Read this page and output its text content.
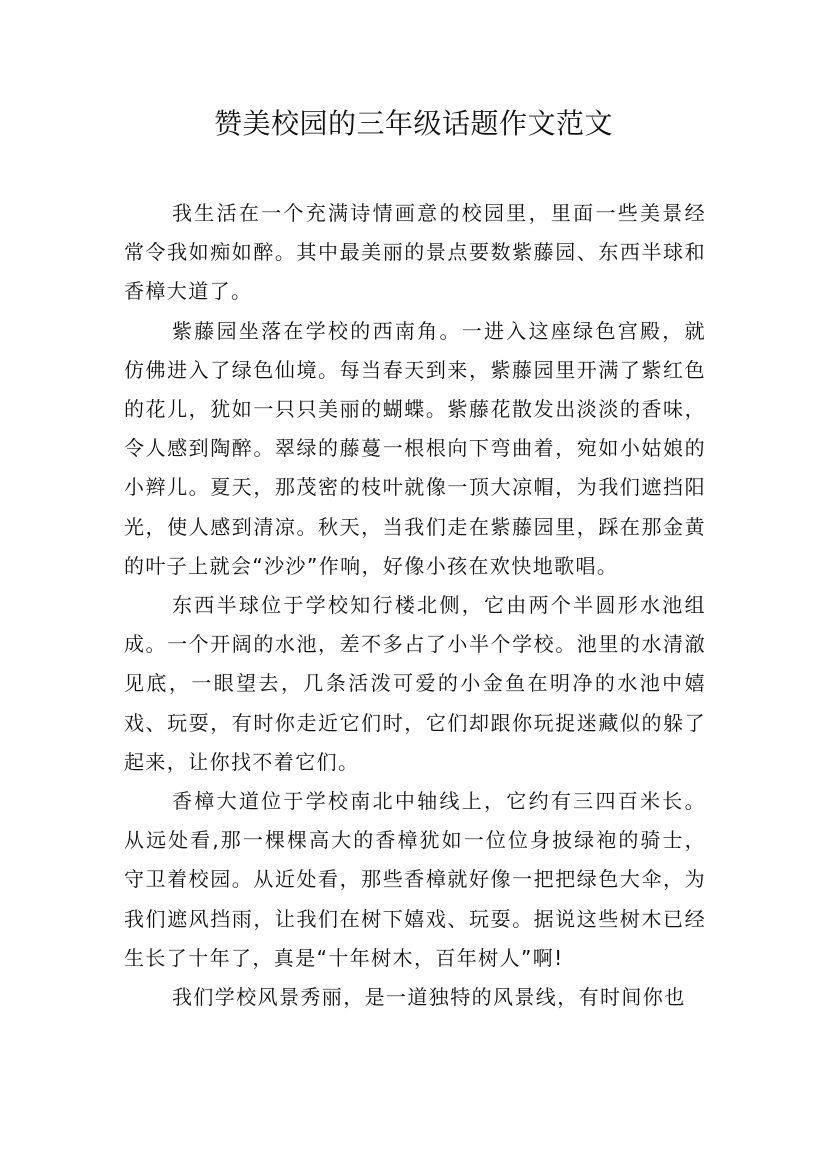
赞美校园的三年级话题作文范文

我生活在一个充满诗情画意的校园里，里面一些美景经常令我如痴如醉。其中最美丽的景点要数紫藤园、东西半球和香樟大道了。

紫藤园坐落在学校的西南角。一进入这座绿色宫殿，就仿佛进入了绿色仙境。每当春天到来，紫藤园里开满了紫红色的花儿，犹如一只只美丽的蝴蝶。紫藤花散发出淡淡的香味，令人感到陶醉。翠绿的藤蔓一根根向下弯曲着，宛如小姑娘的小辫儿。夏天，那茂密的枝叶就像一顶大凉帽，为我们遮挡阳光，使人感到清凉。秋天，当我们走在紫藤园里，踩在那金黄的叶子上就会“沙沙”作响，好像小孩在欢快地歌唱。

东西半球位于学校知行楼北侧，它由两个半圆形水池组成。一个开阔的水池，差不多占了小半个学校。池里的水清澈见底，一眼望去，几条活泼可爱的小金鱼在明净的水池中嬉戏、玩耍，有时你走近它们时，它们却跟你玩捉迷藏似的躲了起来，让你找不着它们。

香樟大道位于学校南北中轴线上，它约有三四百米长。从远处看,那一棵棵高大的香樟犹如一位位身披绿袍的骑士，守卫着校园。从近处看，那些香樟就好像一把把绿色大伞，为我们遮风挡雨，让我们在树下嬉戏、玩耍。据说这些树木已经生长了十年了，真是“十年树木，百年树人”啊!

我们学校风景秀丽，是一道独特的风景线，有时间你也
